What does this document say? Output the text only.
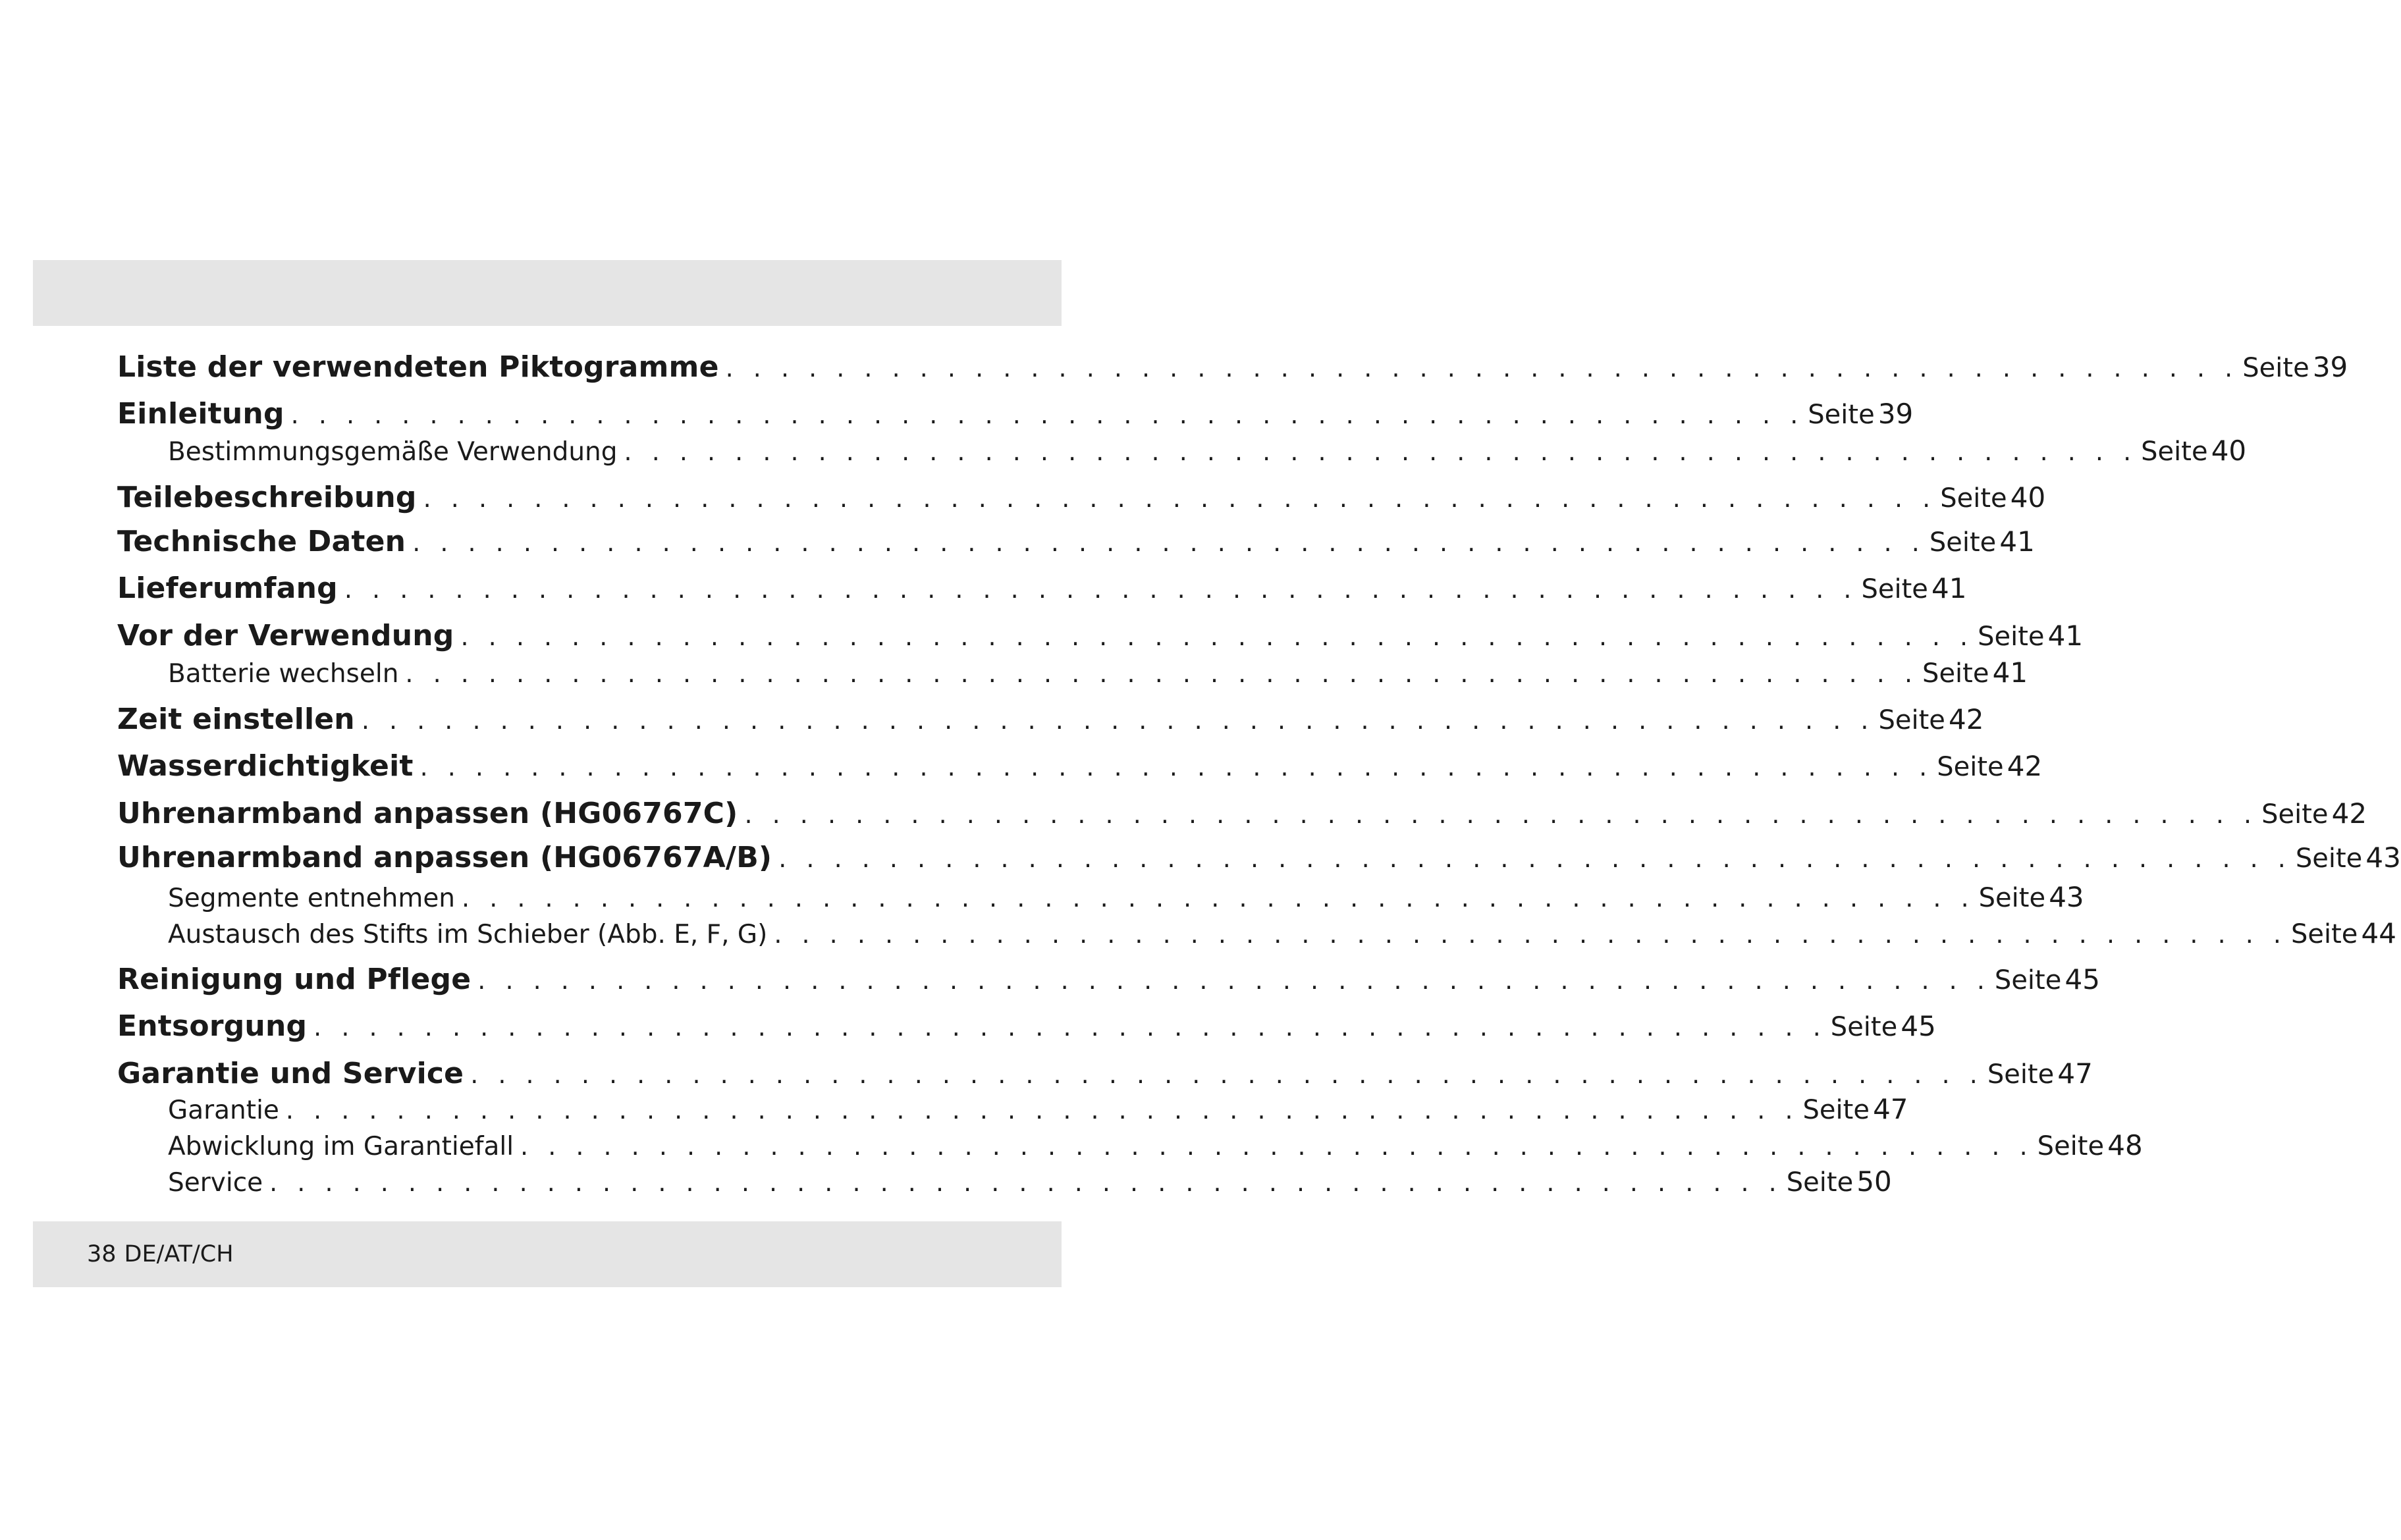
Liste der verwendeten Piktogramme . . . . . . . . . . . . . . . . . . . . . . . . . . . . . . . . . . . . . . . . . . . . . . . . . . . . . . . Seite 39
Einleitung . . . . . . . . . . . . . . . . . . . . . . . . . . . . . . . . . . . . . . . . . . . . . . . . . . . . . . . Seite 39
Bestimmungsgemäße Verwendung . . . . . . . . . . . . . . . . . . . . . . . . . . . . . . . . . . . . . . . . . . . . . . . . . . . . . . . Seite 40
Teilebeschreibung . . . . . . . . . . . . . . . . . . . . . . . . . . . . . . . . . . . . . . . . . . . . . . . . . . . . . . . Seite 40
Technische Daten . . . . . . . . . . . . . . . . . . . . . . . . . . . . . . . . . . . . . . . . . . . . . . . . . . . . . . . Seite 41
Lieferumfang . . . . . . . . . . . . . . . . . . . . . . . . . . . . . . . . . . . . . . . . . . . . . . . . . . . . . . . Seite 41
Vor der Verwendung . . . . . . . . . . . . . . . . . . . . . . . . . . . . . . . . . . . . . . . . . . . . . . . . . . . . . . . Seite 41
Batterie wechseln . . . . . . . . . . . . . . . . . . . . . . . . . . . . . . . . . . . . . . . . . . . . . . . . . . . . . . . Seite 41
Zeit einstellen . . . . . . . . . . . . . . . . . . . . . . . . . . . . . . . . . . . . . . . . . . . . . . . . . . . . . . . Seite 42
Wasserdichtigkeit . . . . . . . . . . . . . . . . . . . . . . . . . . . . . . . . . . . . . . . . . . . . . . . . . . . . . . . Seite 42
Uhrenarmband anpassen (HG06767C) . . . . . . . . . . . . . . . . . . . . . . . . . . . . . . . . . . . . . . . . . . . . . . . . . . . . . . . Seite 42
Uhrenarmband anpassen (HG06767A/B) . . . . . . . . . . . . . . . . . . . . . . . . . . . . . . . . . . . . . . . . . . . . . . . . . . . . . . . Seite 43
Segmente entnehmen . . . . . . . . . . . . . . . . . . . . . . . . . . . . . . . . . . . . . . . . . . . . . . . . . . . . . . . Seite 43
Austausch des Stifts im Schieber (Abb. E, F, G) . . . . . . . . . . . . . . . . . . . . . . . . . . . . . . . . . . . . . . . . . . . . . . . . . . . . . . . Seite 44
Reinigung und Pflege . . . . . . . . . . . . . . . . . . . . . . . . . . . . . . . . . . . . . . . . . . . . . . . . . . . . . . . Seite 45
Entsorgung . . . . . . . . . . . . . . . . . . . . . . . . . . . . . . . . . . . . . . . . . . . . . . . . . . . . . . . Seite 45
Garantie und Service . . . . . . . . . . . . . . . . . . . . . . . . . . . . . . . . . . . . . . . . . . . . . . . . . . . . . . . Seite 47
Garantie . . . . . . . . . . . . . . . . . . . . . . . . . . . . . . . . . . . . . . . . . . . . . . . . . . . . . . . Seite 47
Abwicklung im Garantiefall . . . . . . . . . . . . . . . . . . . . . . . . . . . . . . . . . . . . . . . . . . . . . . . . . . . . . . . Seite 48
Service . . . . . . . . . . . . . . . . . . . . . . . . . . . . . . . . . . . . . . . . . . . . . . . . . . . . . . . Seite 50
38 DE/AT/CH
